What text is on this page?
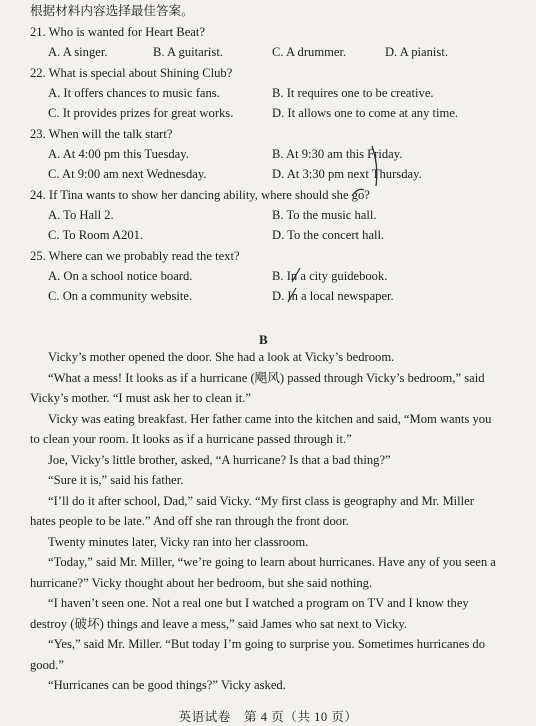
根据材料内容选择最佳答案。
21. Who is wanted for Heart Beat?
A. A singer.	B. A guitarist.	C. A drummer.	D. A pianist.
22. What is special about Shining Club?
A. It offers chances to music fans.	B. It requires one to be creative.
C. It provides prizes for great works.	D. It allows one to come at any time.
23. When will the talk start?
A. At 4:00 pm this Tuesday.	B. At 9:30 am this Friday.
C. At 9:00 am next Wednesday.	D. At 3:30 pm next Thursday.
24. If Tina wants to show her dancing ability, where should she go?
A. To Hall 2.	B. To the music hall.
C. To Room A201.	D. To the concert hall.
25. Where can we probably read the text?
A. On a school notice board.	B. In a city guidebook.
C. On a community website.	D. In a local newspaper.
B
Vicky’s mother opened the door. She had a look at Vicky’s bedroom.
“What a mess! It looks as if a hurricane (飓风) passed through Vicky’s bedroom,” said
Vicky’s mother. “I must ask her to clean it.”
Vicky was eating breakfast. Her father came into the kitchen and said, “Mom wants you
to clean your room. It looks as if a hurricane passed through it.”
Joe, Vicky’s little brother, asked, “A hurricane? Is that a bad thing?”
“Sure it is,” said his father.
“I’ll do it after school, Dad,” said Vicky. “My first class is geography and Mr. Miller
hates people to be late.” And off she ran through the front door.
Twenty minutes later, Vicky ran into her classroom.
“Today,” said Mr. Miller, “we’re going to learn about hurricanes. Have any of you seen a
hurricane?” Vicky thought about her bedroom, but she said nothing.
“I haven’t seen one. Not a real one but I watched a program on TV and I know they
destroy (破坏) things and leave a mess,” said James who sat next to Vicky.
“Yes,” said Mr. Miller. “But today I’m going to surprise you. Sometimes hurricanes do
good.”
“Hurricanes can be good things?” Vicky asked.
英语试卷　第 4 页（共 10 页）
